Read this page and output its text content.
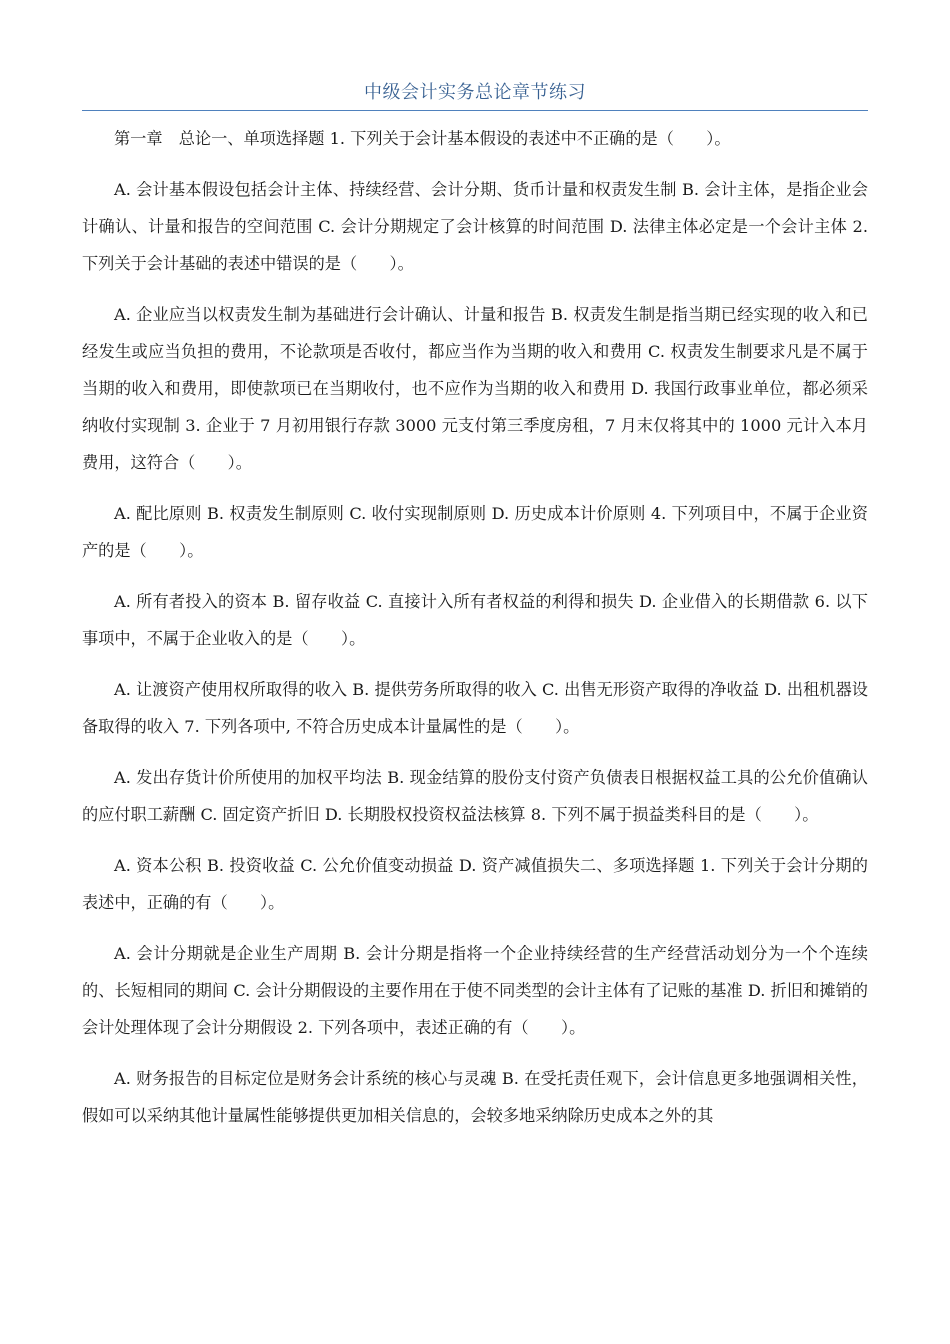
中级会计实务总论章节练习

第一章　总论一、单项选择题 1. 下列关于会计基本假设的表述中不正确的是（　　）。

A. 会计基本假设包括会计主体、持续经营、会计分期、货币计量和权责发生制 B. 会计主体，是指企业会计确认、计量和报告的空间范围 C. 会计分期规定了会计核算的时间范围 D. 法律主体必定是一个会计主体 2. 下列关于会计基础的表述中错误的是（　　）。

A. 企业应当以权责发生制为基础进行会计确认、计量和报告 B. 权责发生制是指当期已经实现的收入和已经发生或应当负担的费用，不论款项是否收付，都应当作为当期的收入和费用 C. 权责发生制要求凡是不属于当期的收入和费用，即使款项已在当期收付，也不应作为当期的收入和费用 D. 我国行政事业单位，都必须采纳收付实现制 3. 企业于 7 月初用银行存款 3000 元支付第三季度房租，7 月末仅将其中的 1000 元计入本月费用，这符合（　　）。

A. 配比原则 B. 权责发生制原则 C. 收付实现制原则 D. 历史成本计价原则 4. 下列项目中，不属于企业资产的是（　　）。

A. 所有者投入的资本 B. 留存收益 C. 直接计入所有者权益的利得和损失 D. 企业借入的长期借款 6. 以下事项中，不属于企业收入的是（　　）。

A. 让渡资产使用权所取得的收入 B. 提供劳务所取得的收入 C. 出售无形资产取得的净收益 D. 出租机器设备取得的收入 7. 下列各项中, 不符合历史成本计量属性的是（　　）。

A. 发出存货计价所使用的加权平均法 B. 现金结算的股份支付资产负债表日根据权益工具的公允价值确认的应付职工薪酬 C. 固定资产折旧 D. 长期股权投资权益法核算 8. 下列不属于损益类科目的是（　　）。

A. 资本公积 B. 投资收益 C. 公允价值变动损益 D. 资产减值损失二、多项选择题 1. 下列关于会计分期的表述中，正确的有（　　）。

A. 会计分期就是企业生产周期 B. 会计分期是指将一个企业持续经营的生产经营活动划分为一个个连续的、长短相同的期间 C. 会计分期假设的主要作用在于使不同类型的会计主体有了记账的基准 D. 折旧和摊销的会计处理体现了会计分期假设 2. 下列各项中，表述正确的有（　　）。

A. 财务报告的目标定位是财务会计系统的核心与灵魂 B. 在受托责任观下，会计信息更多地强调相关性，假如可以采纳其他计量属性能够提供更加相关信息的，会较多地采纳除历史成本之外的其
